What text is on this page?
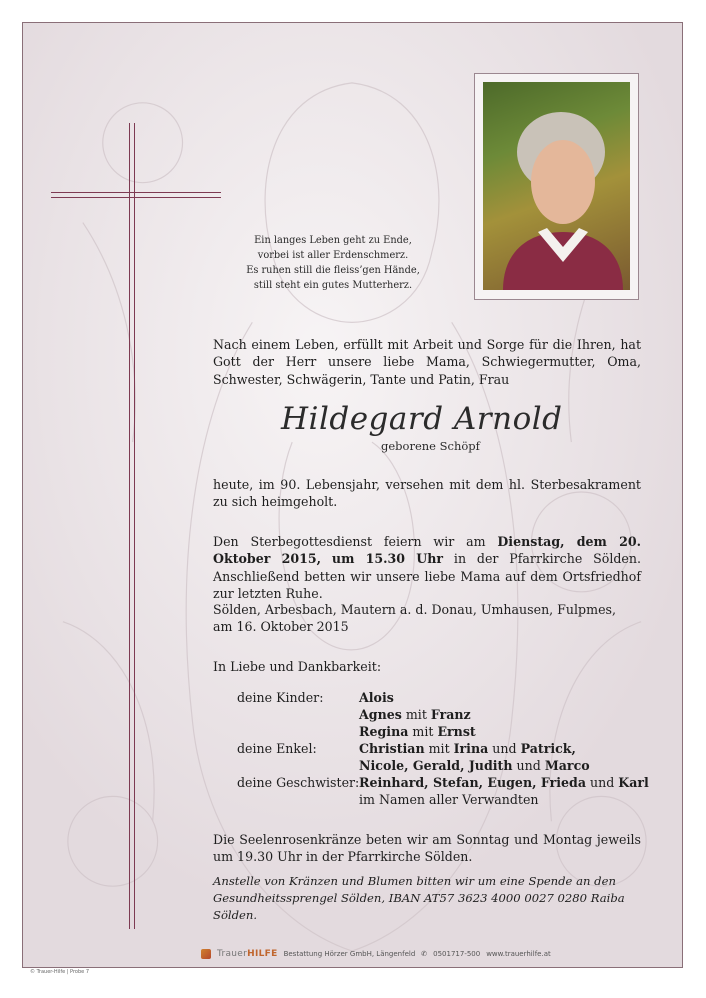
Ein langes Leben geht zu Ende,
vorbei ist aller Erdenschmerz.
Es ruhen still die fleiss’gen Hände,
still steht ein gutes Mutterherz.
Nach einem Leben, erfüllt mit Arbeit und Sorge für die Ihren, hat Gott der Herr unsere liebe Mama, Schwiegermutter, Oma, Schwester, Schwägerin, Tante und Patin, Frau
Hildegard Arnold
geborene Schöpf
heute, im 90. Lebensjahr, versehen mit dem hl. Sterbesakrament zu sich heimgeholt.
Den Sterbegottesdienst feiern wir am Dienstag, dem 20. Oktober 2015, um 15.30 Uhr in der Pfarrkirche Sölden. Anschließend betten wir unsere liebe Mama auf dem Ortsfriedhof zur letzten Ruhe.
Sölden, Arbesbach, Mautern a. d. Donau, Umhausen, Fulpmes,
am 16. Oktober 2015
In Liebe und Dankbarkeit:
deine Kinder:	Alois
Agnes mit Franz
Regina mit Ernst
deine Enkel:	Christian mit Irina und Patrick,
Nicole, Gerald, Judith und Marco
deine Geschwister: Reinhard, Stefan, Eugen, Frieda und Karl
im Namen aller Verwandten
Die Seelenrosenkränze beten wir am Sonntag und Montag jeweils um 19.30 Uhr in der Pfarrkirche Sölden.
Anstelle von Kränzen und Blumen bitten wir um eine Spende an den Gesundheitssprengel Sölden, IBAN AT57 3623 4000 0027 0280 Raiba Sölden.
TrauerHILFE Bestattung Hörzer GmbH, Längenfeld ✆ 0501717-500 www.trauerhilfe.at
© Trauer-Hilfe | Probe 7
